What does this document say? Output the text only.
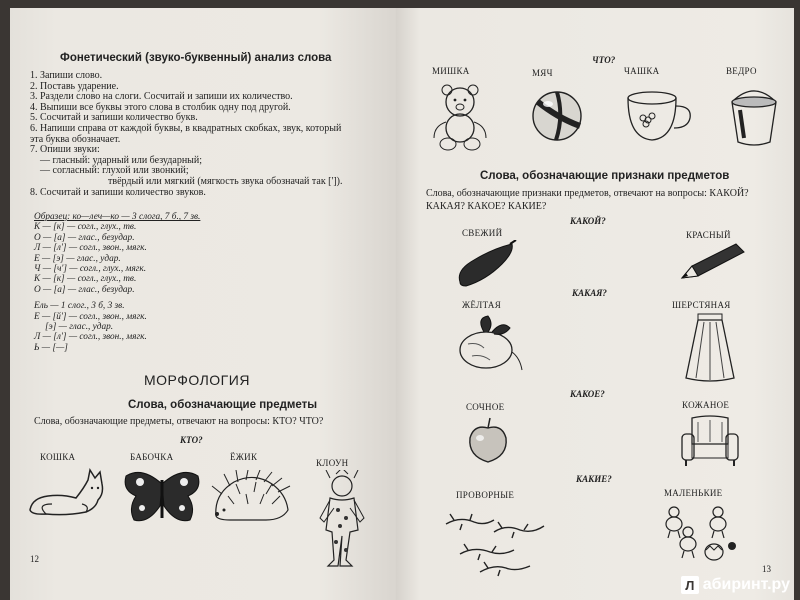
Фонетический (звуко-буквенный) анализ слова
1. Запиши слово.
2. Поставь ударение.
3. Раздели слово на слоги. Сосчитай и запиши их количество.
4. Выпиши все буквы этого слова в столбик одну под другой.
5. Сосчитай и запиши количество букв.
6. Напиши справа от каждой буквы, в квадратных скобках, звук, который
эта буква обозначает.
7. Опиши звуки:
— гласный: ударный или безударный;
— согласный: глухой или звонкий;
твёрдый или мягкий (мягкость звука обозначай так [']).
8. Сосчитай и запиши количество звуков.
Образец: ко—леч—ко — 3 слога, 7 б., 7 зв.
К — [к] — согл., глух., тв.
О — [а] — глас., безудар.
Л — [л'] — согл., звон., мягк.
Е — [э] — глас., удар.
Ч — [ч'] — согл., глух., мягк.
К — [к] — согл., глух., тв.
О — [а] — глас., безудар.
Ель — 1 слог., 3 б, 3 зв.
Е — [й'] — согл., звон., мягк.
[э] — глас., удар.
Л — [л'] — согл., звон., мягк.
Ь — [—]
МОРФОЛОГИЯ
Слова, обозначающие предметы
Слова, обозначающие предметы, отвечают на вопросы: КТО? ЧТО?
КТО?
КОШКА	БАБОЧКА	ЁЖИК
КЛОУН
12
ЧТО?
МИШКА	МЯЧ	ЧАШКА	ВЕДРО
Слова, обозначающие признаки предметов
Слова, обозначающие признаки предметов, отвечают на вопросы: КАКОЙ?
КАКАЯ? КАКОЕ? КАКИЕ?
КАКОЙ?
СВЕЖИЙ	КРАСНЫЙ
КАКАЯ?
ЖЁЛТАЯ	ШЕРСТЯНАЯ
КАКОЕ?
СОЧНОЕ	КОЖАНОЕ
КАКИЕ?
ПРОВОРНЫЕ	МАЛЕНЬКИЕ
13
Л абиринт.ру
